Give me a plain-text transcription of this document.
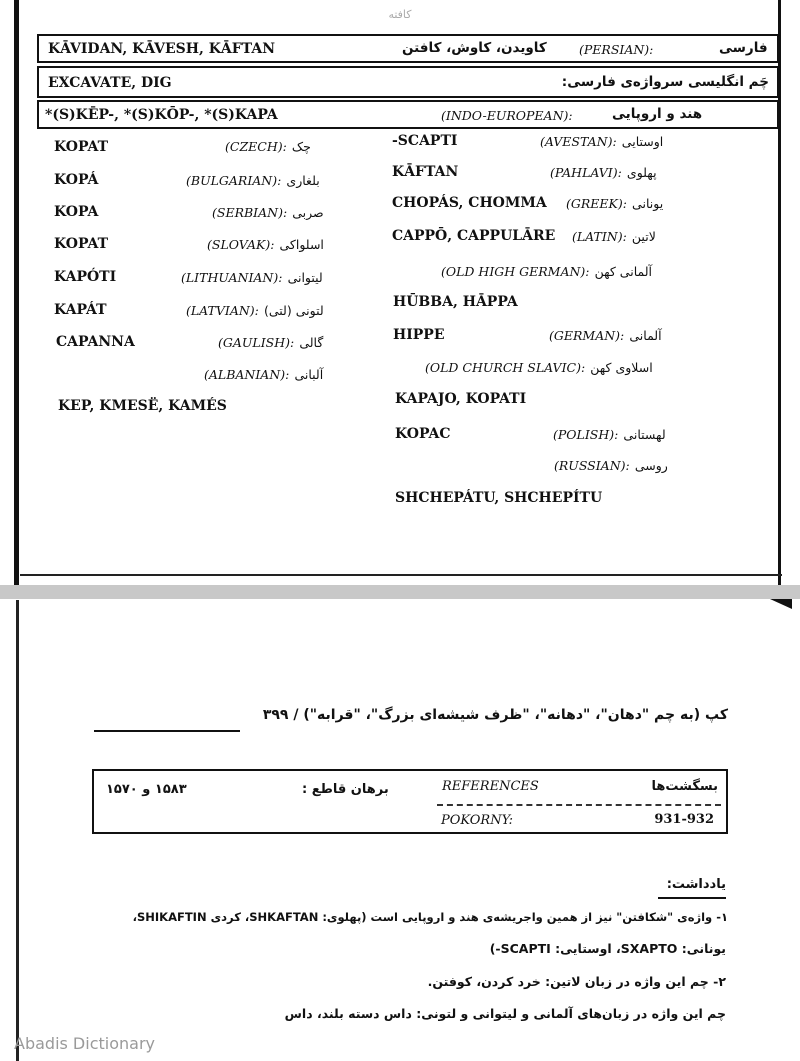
کافته
KĀVIDAN, KĀVESH, KĀFTAN	کاویدن، کاوش، کافتن	(PERSIAN):	فارسی
EXCAVATE, DIG	چَم انگلیسی سرواژه‌ی فارسی:
*(S)KĒP-, *(S)KŌP-, *(S)KAPA	(INDO-EUROPEAN):	هند و اروپایی
KOPAT	(CZECH): چک
KOPÁ	(BULGARIAN): بلغاری
KOPA	(SERBIAN): صربی
KOPAT	(SLOVAK): اسلواکی
KAPÓTI	(LITHUANIAN): لیتوانی
KAPÁT	(LATVIAN): لتونی (لتی)
CAPANNA	(GAULISH): گالی
(ALBANIAN): آلبانی
KEP, KMESË, KAMÉS
-SCAPTI	(AVESTAN): اوستایی
KĀFTAN	(PAHLAVI): پهلوی
CHOPÁS, CHOMMA (GREEK): یونانی
CAPPŌ, CAPPULĀRE (LATIN): لاتین
(OLD HIGH GERMAN): آلمانی کهن
HŪBBA, HĀPPA
HIPPE	(GERMAN): آلمانی
(OLD CHURCH SLAVIC): اسلاوی کهن
KAPAJO, KOPATI
KOPAC	(POLISH): لهستانی
(RUSSIAN): روسی
SHCHEPÁTU, SHCHEPÍTU
کپ (به چم "دهان"، "دهانه"، "ظرف شیشه‌ای بزرگ"، "قرابه") / ۳۹۹
بسگشت‌ها
REFERENCES
POKORNY:	931-932
برهان قاطع :
۱۵۸۳ و ۱۵۷۰
یادداشت:
۱- واژه‌ی "شکافتن" نیز از همین واجریشه‌ی هند و اروپایی است (پهلوی: SHKAFTAN، کردی SHIKAFTIN،
یونانی: SXAPTO، اوستایی: SCAPTI-)
۲- چم این واژه در زبان لاتین: خرد کردن، کوفتن.
چم این واژه در زبان‌های آلمانی و لیتوانی و لتونی: داس دسته بلند، داس
Abadis Dictionary
